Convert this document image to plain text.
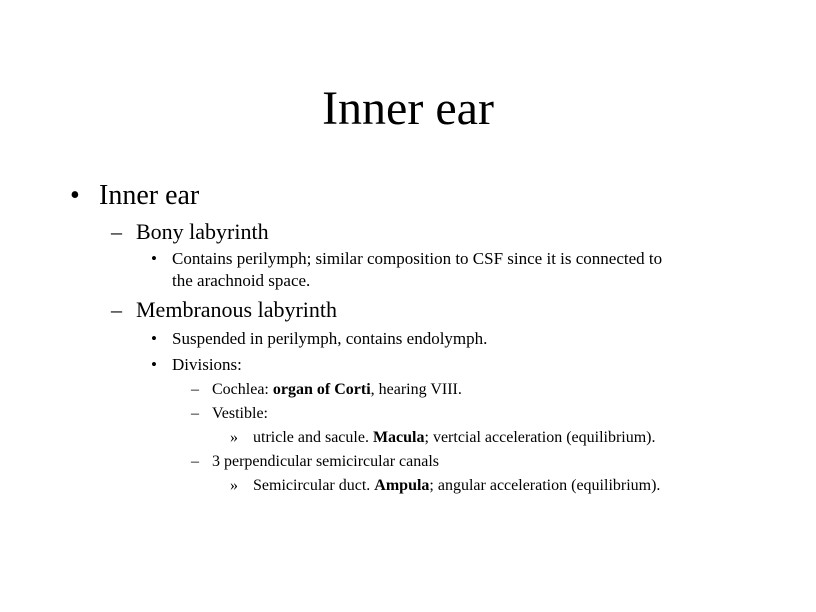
Inner ear
• Inner ear
– Bony labyrinth
• Contains perilymph; similar composition to CSF since it is connected to
the arachnoid space.
– Membranous labyrinth
• Suspended in perilymph, contains endolymph.
• Divisions:
– Cochlea: organ of Corti, hearing VIII.
– Vestible:
» utricle and sacule. Macula; vertcial acceleration (equilibrium).
– 3 perpendicular semicircular canals
» Semicircular duct. Ampula; angular acceleration (equilibrium).
